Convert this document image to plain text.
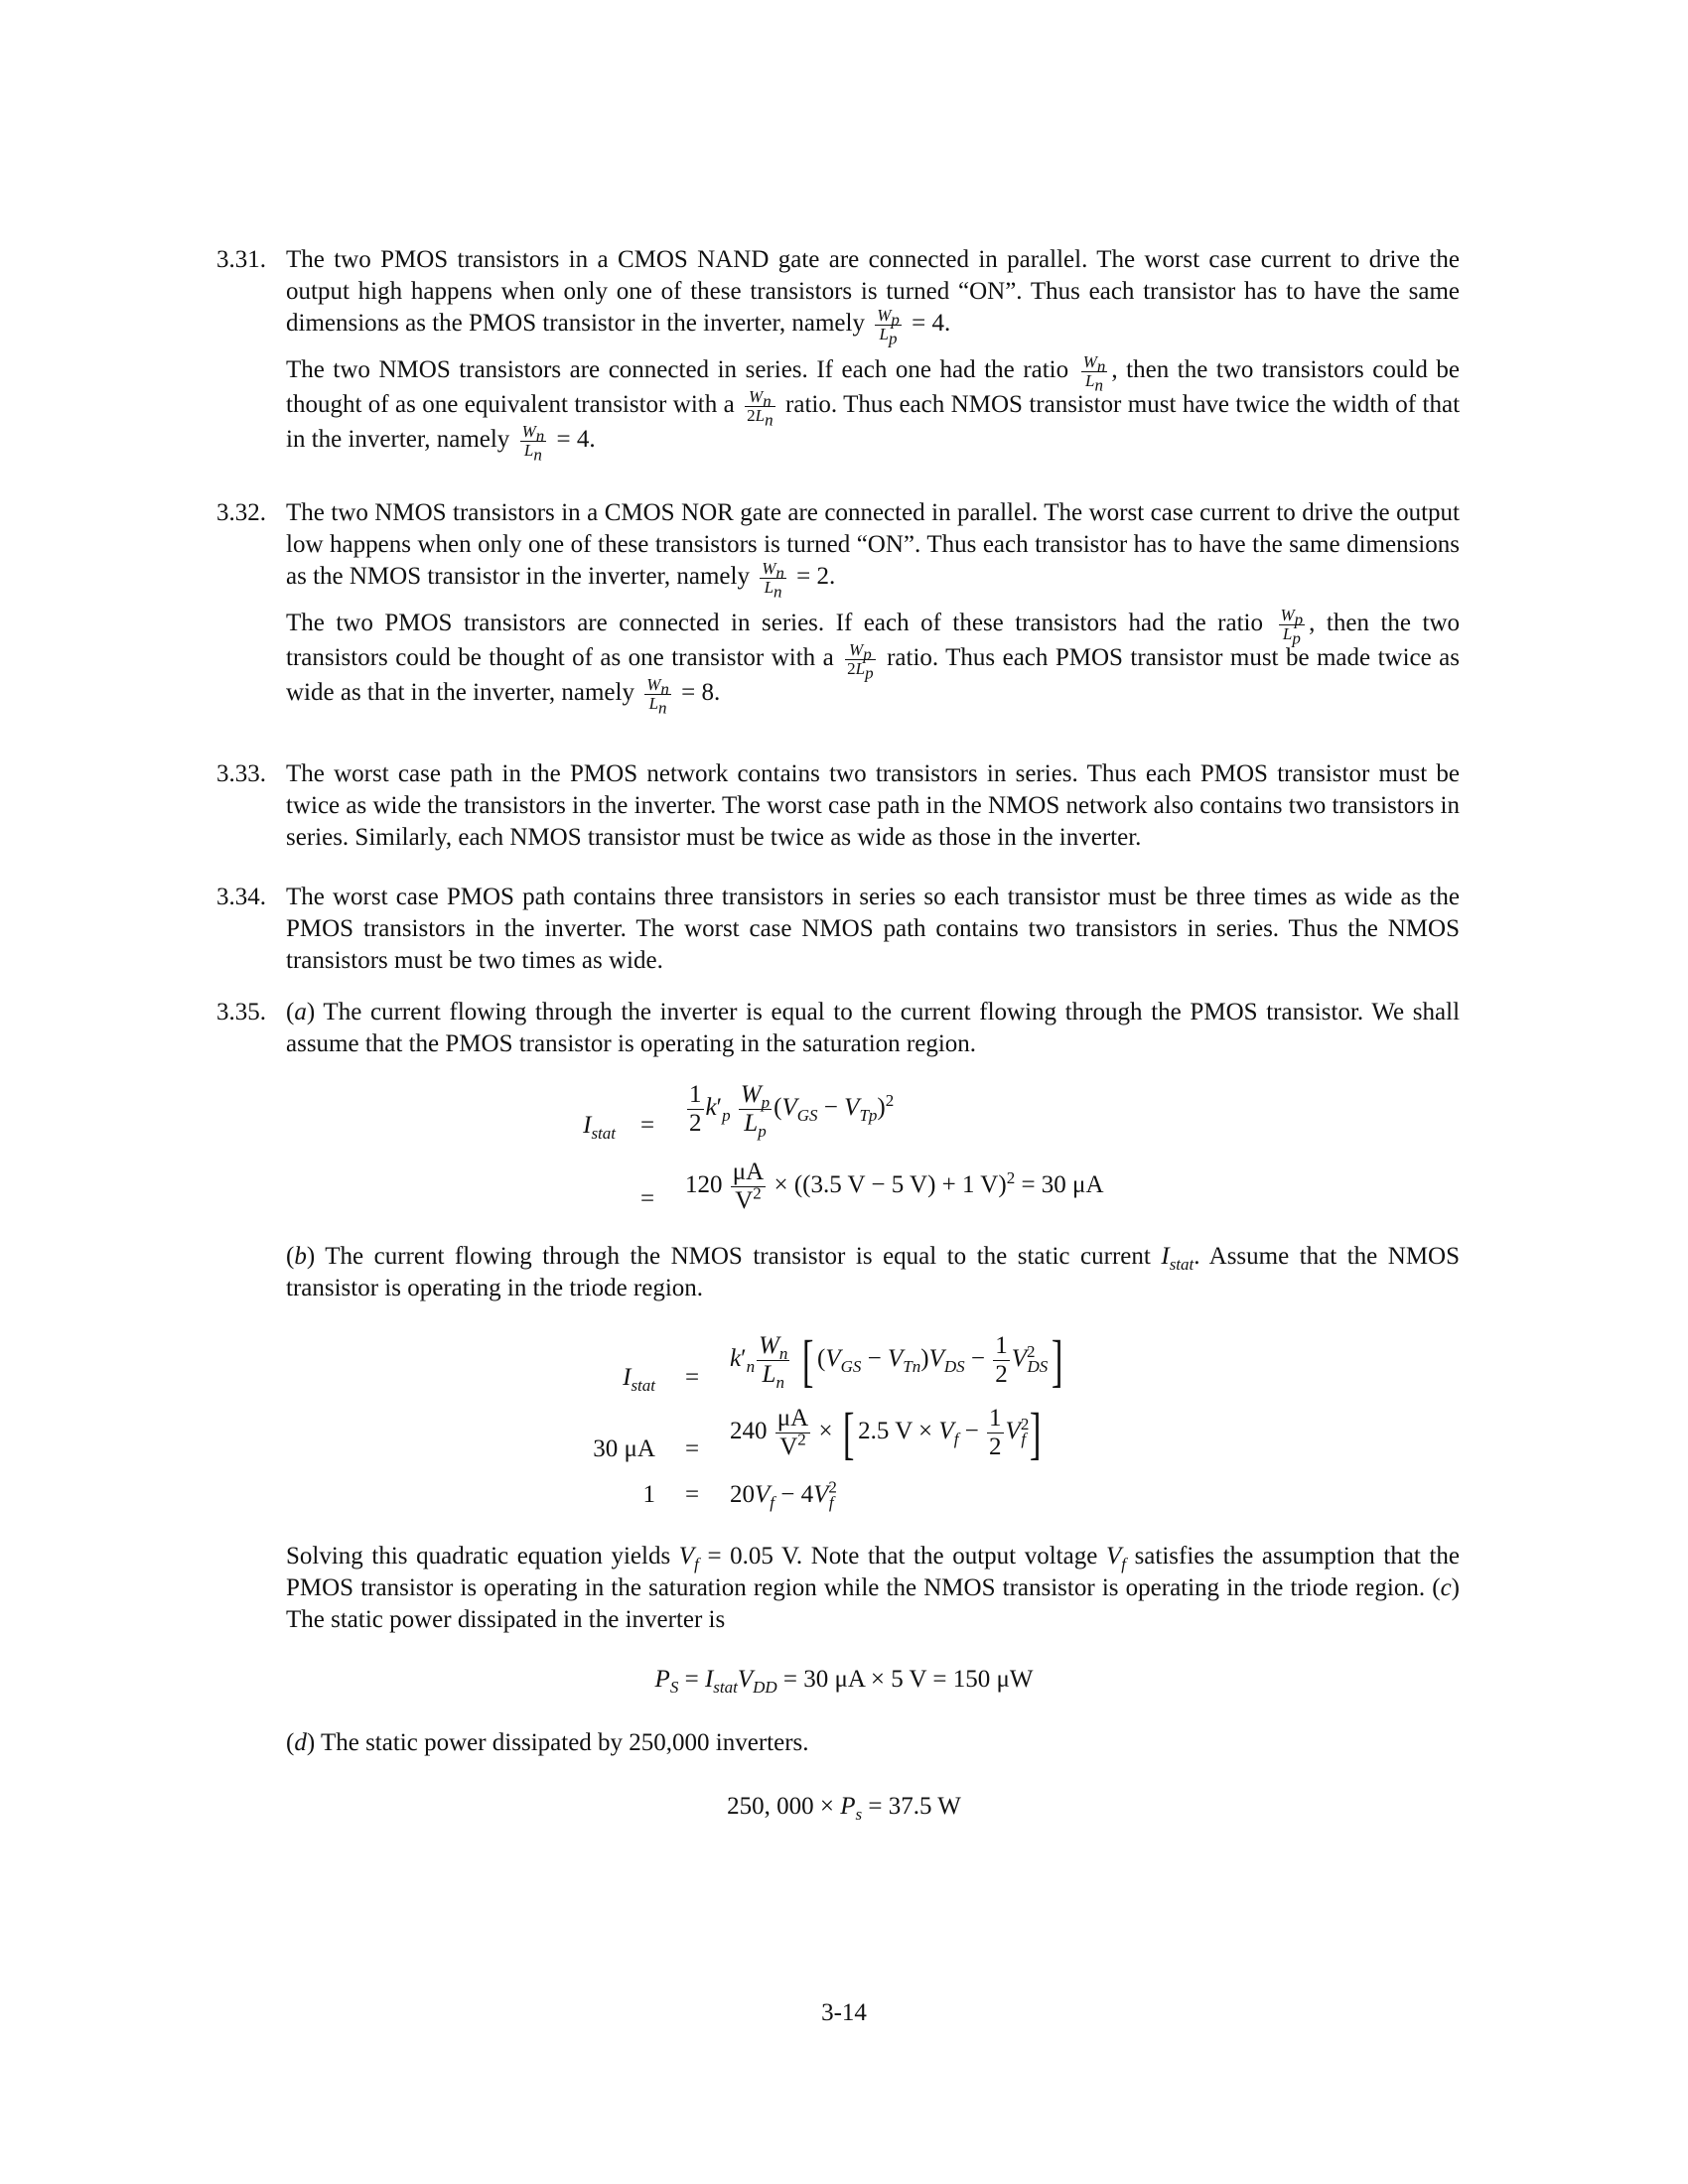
3.31. The two PMOS transistors in a CMOS NAND gate are connected in parallel. The worst case current to drive the output high happens when only one of these transistors is turned “ON”. Thus each transistor has to have the same dimensions as the PMOS transistor in the inverter, namely $\frac{W_p}{L_p} = 4$.

The two NMOS transistors are connected in series. If each one had the ratio $\frac{W_n}{L_n}$ , then the two transistors could be thought of as one equivalent transistor with a $\frac{W_n}{2L_n}$ ratio. Thus each NMOS transistor must have twice the width of that in the inverter, namely $\frac{W_n}{L_n} = 4$.

3.32. The two NMOS transistors in a CMOS NOR gate are connected in parallel. The worst case current to drive the output low happens when only one of these transistors is turned “ON”. Thus each transistor has to have the same dimensions as the NMOS transistor in the inverter, namely $\frac{W_n}{L_n} = 2$.

The two PMOS transistors are connected in series. If each of these transistors had the ratio $\frac{W_p}{L_p}$ , then the two transistors could be thought of as one transistor with a $\frac{W_p}{2L_p}$ ratio. Thus each PMOS transistor must be made twice as wide as that in the inverter, namely $\frac{W_n}{L_n} = 8$.

3.33. The worst case path in the PMOS network contains two transistors in series. Thus each PMOS transistor must be twice as wide the transistors in the inverter. The worst case path in the NMOS network also contains two transistors in series. Similarly, each NMOS transistor must be twice as wide as those in the inverter.

3.34. The worst case PMOS path contains three transistors in series so each transistor must be three times as wide as the PMOS transistors in the inverter. The worst case NMOS path contains two transistors in series. Thus the NMOS transistors must be two times as wide.

3.35. (a) The current flowing through the inverter is equal to the current flowing through the PMOS transistor. We shall assume that the PMOS transistor is operating in the saturation region.

$I_{stat} = \frac{1}{2} k'_p \frac{W_p}{L_p} (V_{GS} - V_{Tp})^2$
=
$120 \frac{\mu A}{V^2} \times ((3.5$ V − 5 V) + 1 V)$^2$ = 30 μA

(b) The current flowing through the NMOS transistor is equal to the static current $I_{stat}$. Assume that the NMOS transistor is operating in the triode region.

$I_{stat}$ =
$k'_n \frac{W_n}{L_n}$ [ $(V_{GS} - V_{Tn})V_{DS} - \frac{1}{2} V^2_{DS}$]
30 μA =
$240 \frac{\mu A}{V^2}$ × [ 2.5 $V \times V_f - \frac{1}{2} V^2_f$]
$1 = 20V_f - 4V^2_f$

Solving this quadratic equation yields $V_f = 0.05$ V. Note that the output voltage $V_f$ satisfies the assumption that the PMOS transistor is operating in the saturation region while the NMOS transistor is operating in the triode region. (c) The static power dissipated in the inverter is

$P_S = I_{stat}V_{DD} = 30$ μA × 5 V = 150 μW

(d) The static power dissipated by 250,000 inverters.

250, $000 \times P_s = 37.5$ W
3-14
